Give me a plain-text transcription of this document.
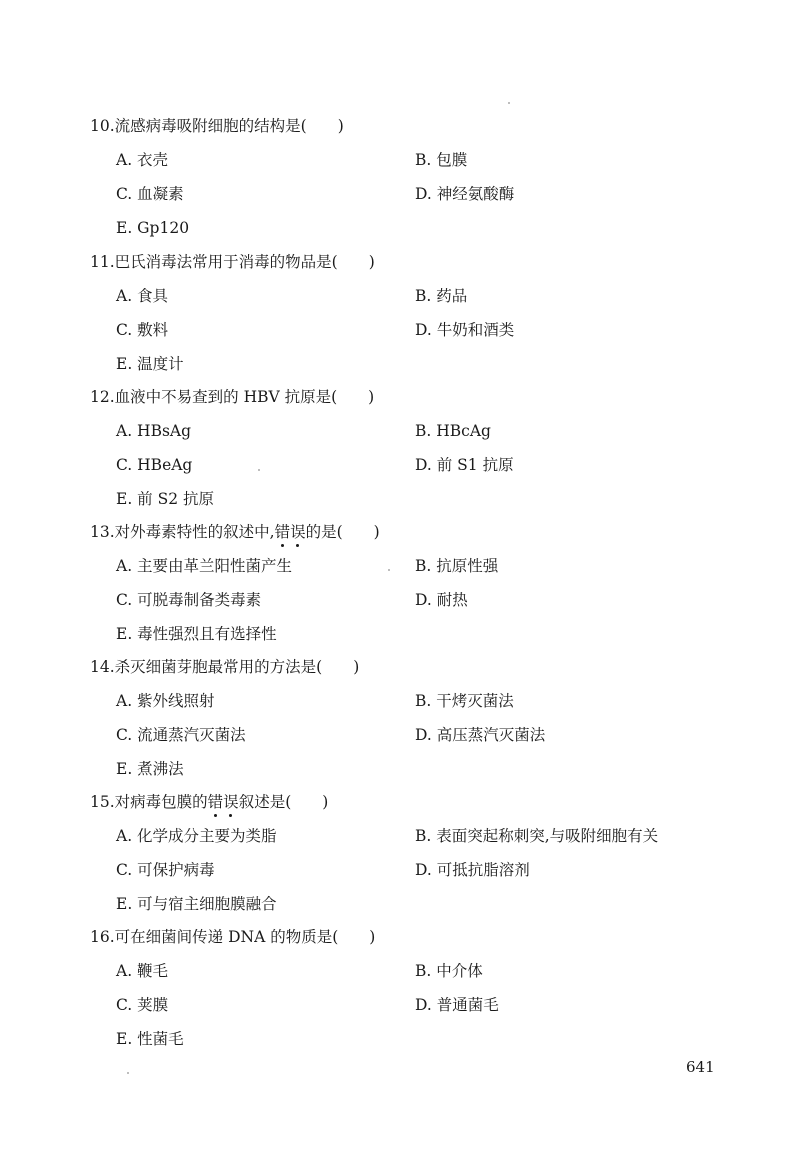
10.流感病毒吸附细胞的结构是(　　)
A. 衣壳	B. 包膜
C. 血凝素	D. 神经氨酸酶
E. Gp120
11.巴氏消毒法常用于消毒的物品是(　　)
A. 食具	B. 药品
C. 敷料	D. 牛奶和酒类
E. 温度计
12.血液中不易查到的 HBV 抗原是(　　)
A. HBsAg	B. HBcAg
C. HBeAg	D. 前 S1 抗原
E. 前 S2 抗原
13.对外毒素特性的叙述中,错误的是(　　)
A. 主要由革兰阳性菌产生	B. 抗原性强
C. 可脱毒制备类毒素	D. 耐热
E. 毒性强烈且有选择性
14.杀灭细菌芽胞最常用的方法是(　　)
A. 紫外线照射	B. 干烤灭菌法
C. 流通蒸汽灭菌法	D. 高压蒸汽灭菌法
E. 煮沸法
15.对病毒包膜的错误叙述是(　　)
A. 化学成分主要为类脂	B. 表面突起称刺突,与吸附细胞有关
C. 可保护病毒	D. 可抵抗脂溶剂
E. 可与宿主细胞膜融合
16.可在细菌间传递 DNA 的物质是(　　)
A. 鞭毛	B. 中介体
C. 荚膜	D. 普通菌毛
E. 性菌毛
641
